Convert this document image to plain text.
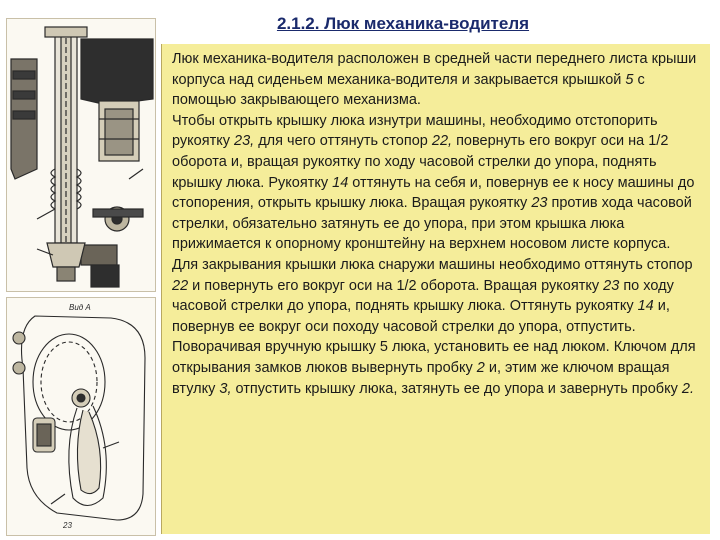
2.1.2. Люк механика-водителя
Вид А
23

Люк механика-водителя расположен в средней части переднего листа крыши корпуса над сиденьем механика-водителя и закрывается крышкой 5 с помощью закрывающего механизма.

Чтобы открыть крышку люка изнутри машины, необходимо отстопорить рукоятку 23, для чего оттянуть стопор 22, повернуть его вокруг оси на 1/2 оборота и, вращая рукоятку по ходу часовой стрелки до упора, поднять крышку люка. Рукоятку 14 оттянуть на себя и, повернув ее к носу машины до стопорения, открыть крышку люка. Вращая рукоятку 23 против хода часовой стрелки, обязательно затянуть ее до упора, при этом крышка люка прижимается к опорному кронштейну на верхнем носовом листе корпуса.

Для закрывания крышки люка снаружи машины необходимо оттянуть стопор 22 и повернуть его вокруг оси на 1/2 оборота. Вращая рукоятку 23 по ходу часовой стрелки до упора, поднять крышку люка. Оттянуть рукоятку 14 и, повернув ее вокруг оси походу часовой стрелки до упора, отпустить.

Поворачивая вручную крышку 5 люка, установить ее над люком. Ключом для открывания замков люков вывернуть пробку 2 и, этим же ключом вращая втулку 3, отпустить крышку люка, затянуть ее до упора и завернуть пробку 2.
